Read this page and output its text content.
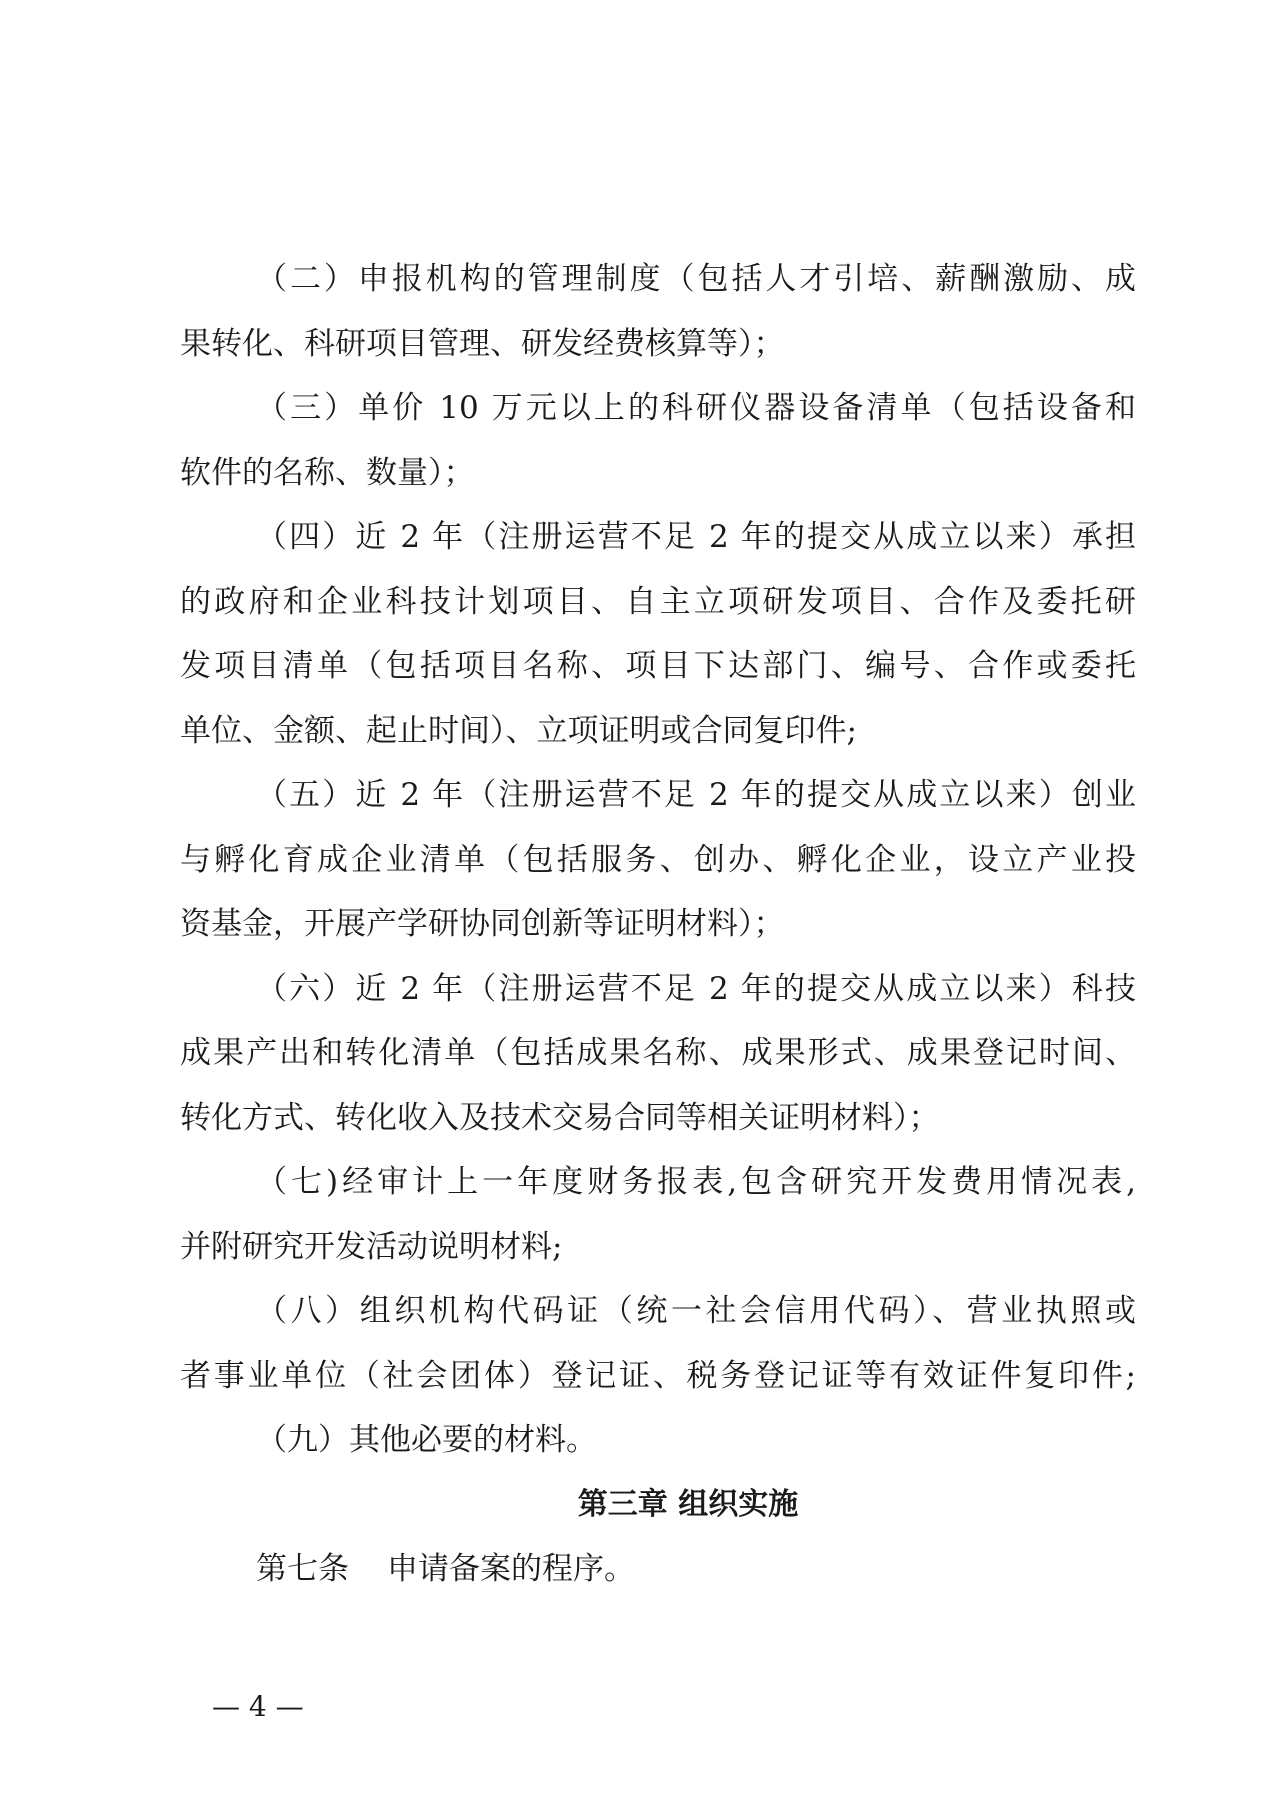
（二）申报机构的管理制度（包括人才引培、薪酬激励、成
果转化、科研项目管理、研发经费核算等）；
（三）单价 10 万元以上的科研仪器设备清单（包括设备和
软件的名称、数量）；
（四）近 2 年（注册运营不足 2 年的提交从成立以来）承担
的政府和企业科技计划项目、自主立项研发项目、合作及委托研
发项目清单（包括项目名称、项目下达部门、编号、合作或委托
单位、金额、起止时间）、立项证明或合同复印件;
（五）近 2 年（注册运营不足 2 年的提交从成立以来）创业
与孵化育成企业清单（包括服务、创办、孵化企业，设立产业投
资基金，开展产学研协同创新等证明材料）；
（六）近 2 年（注册运营不足 2 年的提交从成立以来）科技
成果产出和转化清单（包括成果名称、成果形式、成果登记时间、
转化方式、转化收入及技术交易合同等相关证明材料）；
（七)经审计上一年度财务报表,包含研究开发费用情况表,
并附研究开发活动说明材料;
（八）组织机构代码证（统一社会信用代码）、营业执照或
者事业单位（社会团体）登记证、税务登记证等有效证件复印件;
（九）其他必要的材料。
第三章 组织实施
第七条 申请备案的程序。
— 4 —
